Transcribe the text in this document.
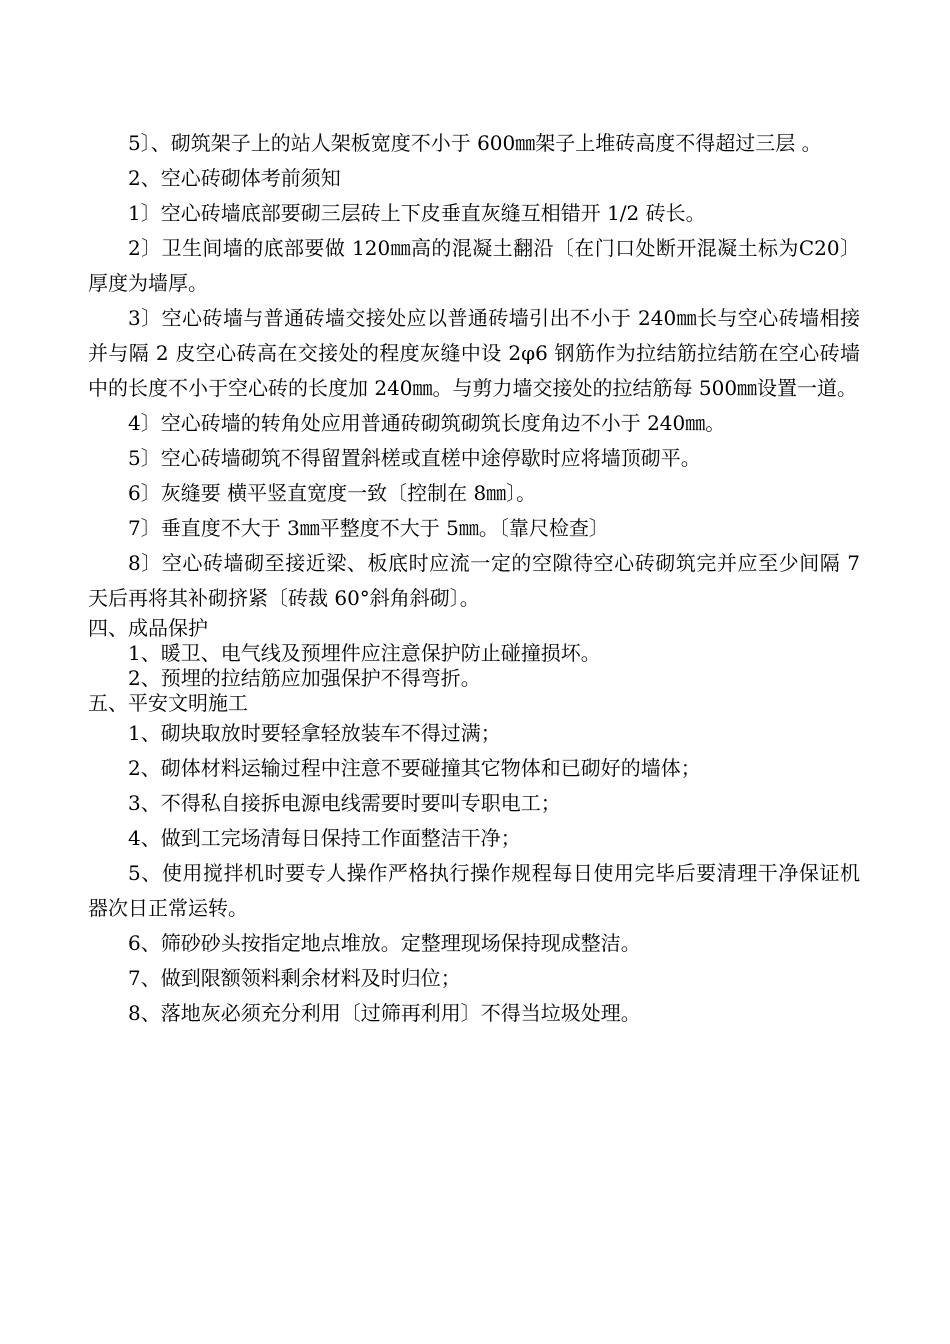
5〕、砌筑架子上的站人架板宽度不小于 600㎜架子上堆砖高度不得超过三层 。

2、空心砖砌体考前须知

1〕空心砖墙底部要砌三层砖上下皮垂直灰缝互相错开 1/2 砖长。

2〕卫生间墙的底部要做 120㎜高的混凝土翻沿〔在门口处断开混凝土标为C20〕厚度为墙厚。

3〕空心砖墙与普通砖墙交接处应以普通砖墙引出不小于 240㎜长与空心砖墙相接并与隔 2 皮空心砖高在交接处的程度灰缝中设 2φ6 钢筋作为拉结筋拉结筋在空心砖墙中的长度不小于空心砖的长度加 240㎜。与剪力墙交接处的拉结筋每 500㎜设置一道。

4〕空心砖墙的转角处应用普通砖砌筑砌筑长度角边不小于 240㎜。

5〕空心砖墙砌筑不得留置斜槎或直槎中途停歇时应将墙顶砌平。

6〕灰缝要 横平竖直宽度一致〔控制在 8㎜〕。

7〕垂直度不大于 3㎜平整度不大于 5㎜。〔靠尺检查〕

8〕空心砖墙砌至接近梁、板底时应流一定的空隙待空心砖砌筑完并应至少间隔 7 天后再将其补砌挤紧〔砖裁 60°斜角斜砌〕。

四、成品保护

1、暖卫、电气线及预埋件应注意保护防止碰撞损坏。

2、预埋的拉结筋应加强保护不得弯折。

五、平安文明施工

1、砌块取放时要轻拿轻放装车不得过满；

2、砌体材料运输过程中注意不要碰撞其它物体和已砌好的墙体；

3、不得私自接拆电源电线需要时要叫专职电工；

4、做到工完场清每日保持工作面整洁干净；

5、使用搅拌机时要专人操作严格执行操作规程每日使用完毕后要清理干净保证机器次日正常运转。

6、筛砂砂头按指定地点堆放。定整理现场保持现成整洁。

7、做到限额领料剩余材料及时归位；

8、落地灰必须充分利用〔过筛再利用〕不得当垃圾处理。
